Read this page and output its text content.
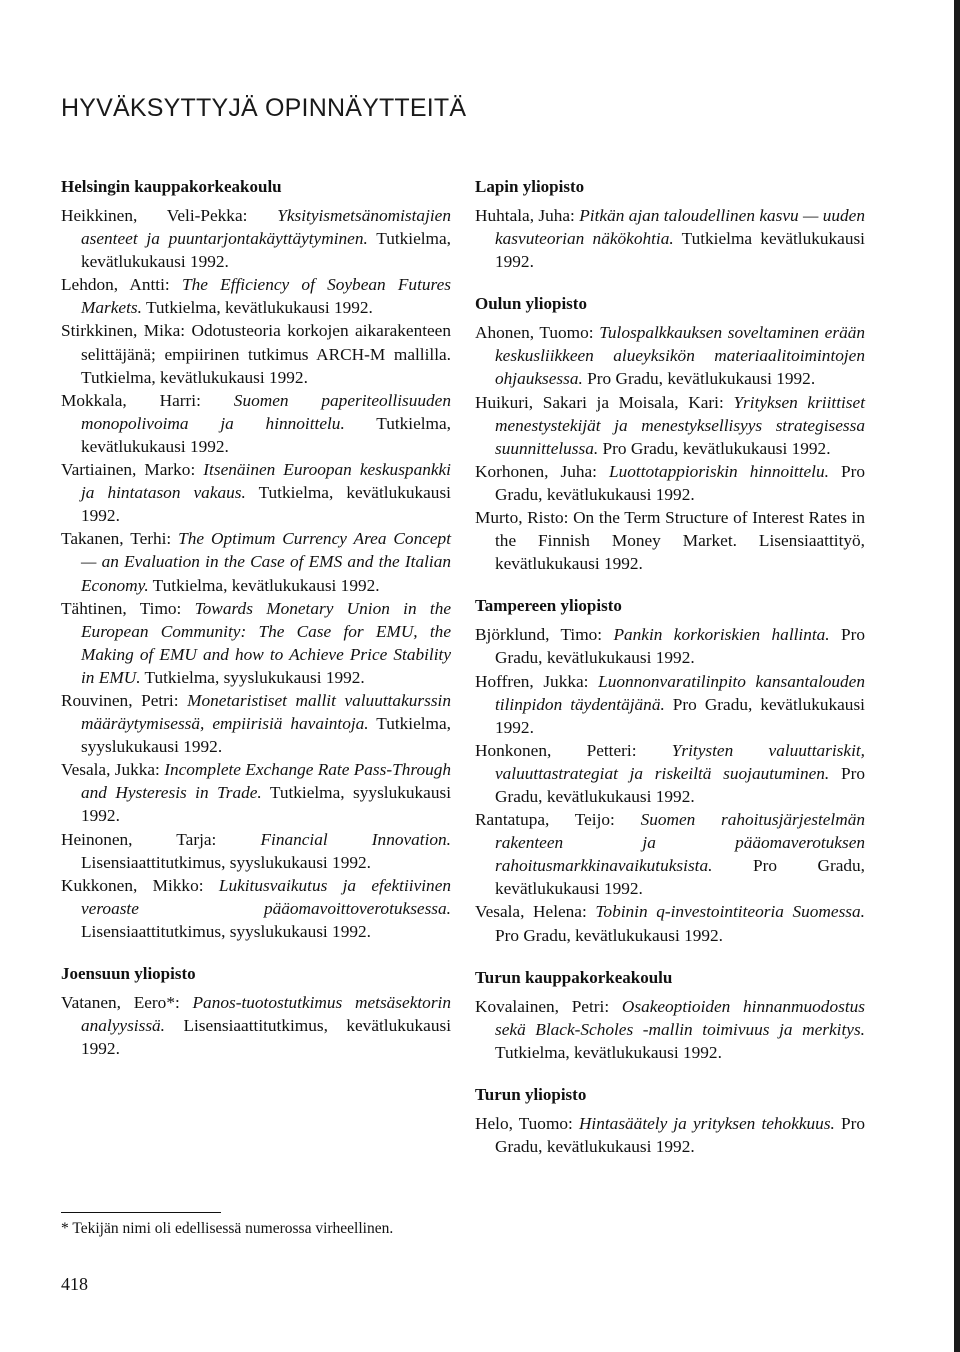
HYVÄKSYTTYJÄ OPINNÄYTTEITÄ
Helsingin kauppakorkeakoulu

Heikkinen, Veli-Pekka: Yksityismetsänomistajien asenteet ja puuntarjontakäyttäytyminen. Tutkielma, kevätlukukausi 1992.

Lehdon, Antti: The Efficiency of Soybean Futures Markets. Tutkielma, kevätlukukausi 1992.

Stirkkinen, Mika: Odotusteoria korkojen aikarakenteen selittäjänä; empiirinen tutkimus ARCH-M mallilla. Tutkielma, kevätlukukausi 1992.

Mokkala, Harri: Suomen paperiteollisuuden monopolivoima ja hinnoittelu. Tutkielma, kevätlukukausi 1992.

Vartiainen, Marko: Itsenäinen Euroopan keskuspankki ja hintatason vakaus. Tutkielma, kevätlukukausi 1992.

Takanen, Terhi: The Optimum Currency Area Concept — an Evaluation in the Case of EMS and the Italian Economy. Tutkielma, kevätlukukausi 1992.

Tähtinen, Timo: Towards Monetary Union in the European Community: The Case for EMU, the Making of EMU and how to Achieve Price Stability in EMU. Tutkielma, syyslukukausi 1992.

Rouvinen, Petri: Monetaristiset mallit valuuttakurssin määräytymisessä, empiirisiä havaintoja. Tutkielma, syyslukukausi 1992.

Vesala, Jukka: Incomplete Exchange Rate Pass-Through and Hysteresis in Trade. Tutkielma, syyslukukausi 1992.

Heinonen, Tarja: Financial Innovation. Lisensiaattitutkimus, syyslukukausi 1992.

Kukkonen, Mikko: Lukitusvaikutus ja efektiivinen veroaste pääomavoittoverotuksessa. Lisensiaattitutkimus, syyslukukausi 1992.

Joensuun yliopisto

Vatanen, Eero*: Panos-tuotostutkimus metsäsektorin analyysissä. Lisensiaattitutkimus, kevätlukukausi 1992.

Lapin yliopisto

Huhtala, Juha: Pitkän ajan taloudellinen kasvu — uuden kasvuteorian näkökohtia. Tutkielma kevätlukukausi 1992.

Oulun yliopisto

Ahonen, Tuomo: Tulospalkkauksen soveltaminen erään keskusliikkeen alueyksikön materiaalitoimintojen ohjauksessa. Pro Gradu, kevätlukukausi 1992.

Huikuri, Sakari ja Moisala, Kari: Yrityksen kriittiset menestystekijät ja menestyksellisyys strategisessa suunnittelussa. Pro Gradu, kevätlukukausi 1992.

Korhonen, Juha: Luottotappioriskin hinnoittelu. Pro Gradu, kevätlukukausi 1992.

Murto, Risto: On the Term Structure of Interest Rates in the Finnish Money Market. Lisensiaattityö, kevätlukukausi 1992.

Tampereen yliopisto

Björklund, Timo: Pankin korkoriskien hallinta. Pro Gradu, kevätlukukausi 1992.

Hoffren, Jukka: Luonnonvaratilinpito kansantalouden tilinpidon täydentäjänä. Pro Gradu, kevätlukukausi 1992.

Honkonen, Petteri: Yritysten valuuttariskit, valuuttastrategiat ja riskeiltä suojautuminen. Pro Gradu, kevätlukukausi 1992.

Rantatupa, Teijo: Suomen rahoitusjärjestelmän rakenteen ja pääomaverotuksen rahoitusmarkkinavaikutuksista. Pro Gradu, kevätlukukausi 1992.

Vesala, Helena: Tobinin q-investointiteoria Suomessa. Pro Gradu, kevätlukukausi 1992.

Turun kauppakorkeakoulu

Kovalainen, Petri: Osakeoptioiden hinnanmuodostus sekä Black-Scholes -mallin toimivuus ja merkitys. Tutkielma, kevätlukukausi 1992.

Turun yliopisto

Helo, Tuomo: Hintasäätely ja yrityksen tehokkuus. Pro Gradu, kevätlukukausi 1992.

* Tekijän nimi oli edellisessä numerossa virheellinen.

418
